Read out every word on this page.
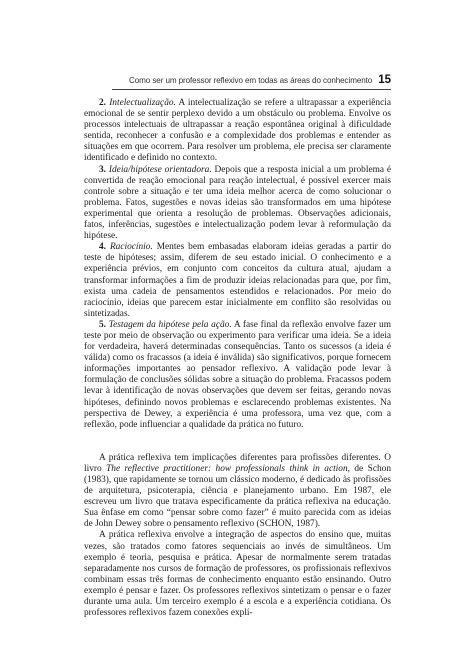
Como ser um professor reflexivo em todas as áreas do conhecimento 15

2. Intelectualização. A intelectualização se refere a ultrapassar a experiência emocional de se sentir perplexo devido a um obstáculo ou problema. Envolve os processos intelectuais de ultrapassar a reação espontânea original à dificuldade sentida, reconhecer a confusão e a complexidade dos problemas e entender as situações em que ocorrem. Para resolver um problema, ele precisa ser claramente identificado e definido no contexto.

3. Ideia/hipótese orientadora. Depois que a resposta inicial a um problema é convertida de reação emocional para reação intelectual, é possível exercer mais controle sobre a situação e ter uma ideia melhor acerca de como solucionar o problema. Fatos, sugestões e novas ideias são transformados em uma hipótese experimental que orienta a resolução de problemas. Observações adicionais, fatos, inferências, sugestões e intelectualização podem levar à reformulação da hipótese.

4. Raciocínio. Mentes bem embasadas elaboram ideias geradas a partir do teste de hipóteses; assim, diferem de seu estado inicial. O conhecimento e a experiência prévios, em conjunto com conceitos da cultura atual, ajudam a transformar informações a fim de produzir ideias relacionadas para que, por fim, exista uma cadeia de pensamentos estendidos e relacionados. Por meio do raciocínio, ideias que parecem estar inicialmente em conflito são resolvidas ou sintetizadas.

5. Testagem da hipótese pela ação. A fase final da reflexão envolve fazer um teste por meio de observação ou experimento para verificar uma ideia. Se a ideia for verdadeira, haverá determinadas consequências. Tanto os sucessos (a ideia é válida) como os fracassos (a ideia é inválida) são significativos, porque fornecem informações importantes ao pensador reflexivo. A validação pode levar à formulação de conclusões sólidas sobre a situação do problema. Fracassos podem levar à identificação de novas observações que devem ser feitas, gerando novas hipóteses, definindo novos problemas e esclarecendo problemas existentes. Na perspectiva de Dewey, a experiência é uma professora, uma vez que, com a reflexão, pode influenciar a qualidade da prática no futuro.

A prática reflexiva tem implicações diferentes para profissões diferentes. O livro The reflective practitioner: how professionals think in action, de Schon (1983), que rapidamente se tornou um clássico moderno, é dedicado às profissões de arquitetura, psicoterapia, ciência e planejamento urbano. Em 1987, ele escreveu um livro que tratava especificamente da prática reflexiva na educação. Sua ênfase em como “pensar sobre como fazer” é muito parecida com as ideias de John Dewey sobre o pensamento reflexivo (SCHON, 1987).

A prática reflexiva envolve a integração de aspectos do ensino que, muitas vezes, são tratados como fatores sequenciais ao invés de simultâneos. Um exemplo é teoria, pesquisa e prática. Apesar de normalmente serem tratadas separadamente nos cursos de formação de professores, os profissionais reflexivos combinam essas três formas de conhecimento enquanto estão ensinando. Outro exemplo é pensar e fazer. Os professores reflexivos sintetizam o pensar e o fazer durante uma aula. Um terceiro exemplo é a escola e a experiência cotidiana. Os professores reflexivos fazem conexões explí-
